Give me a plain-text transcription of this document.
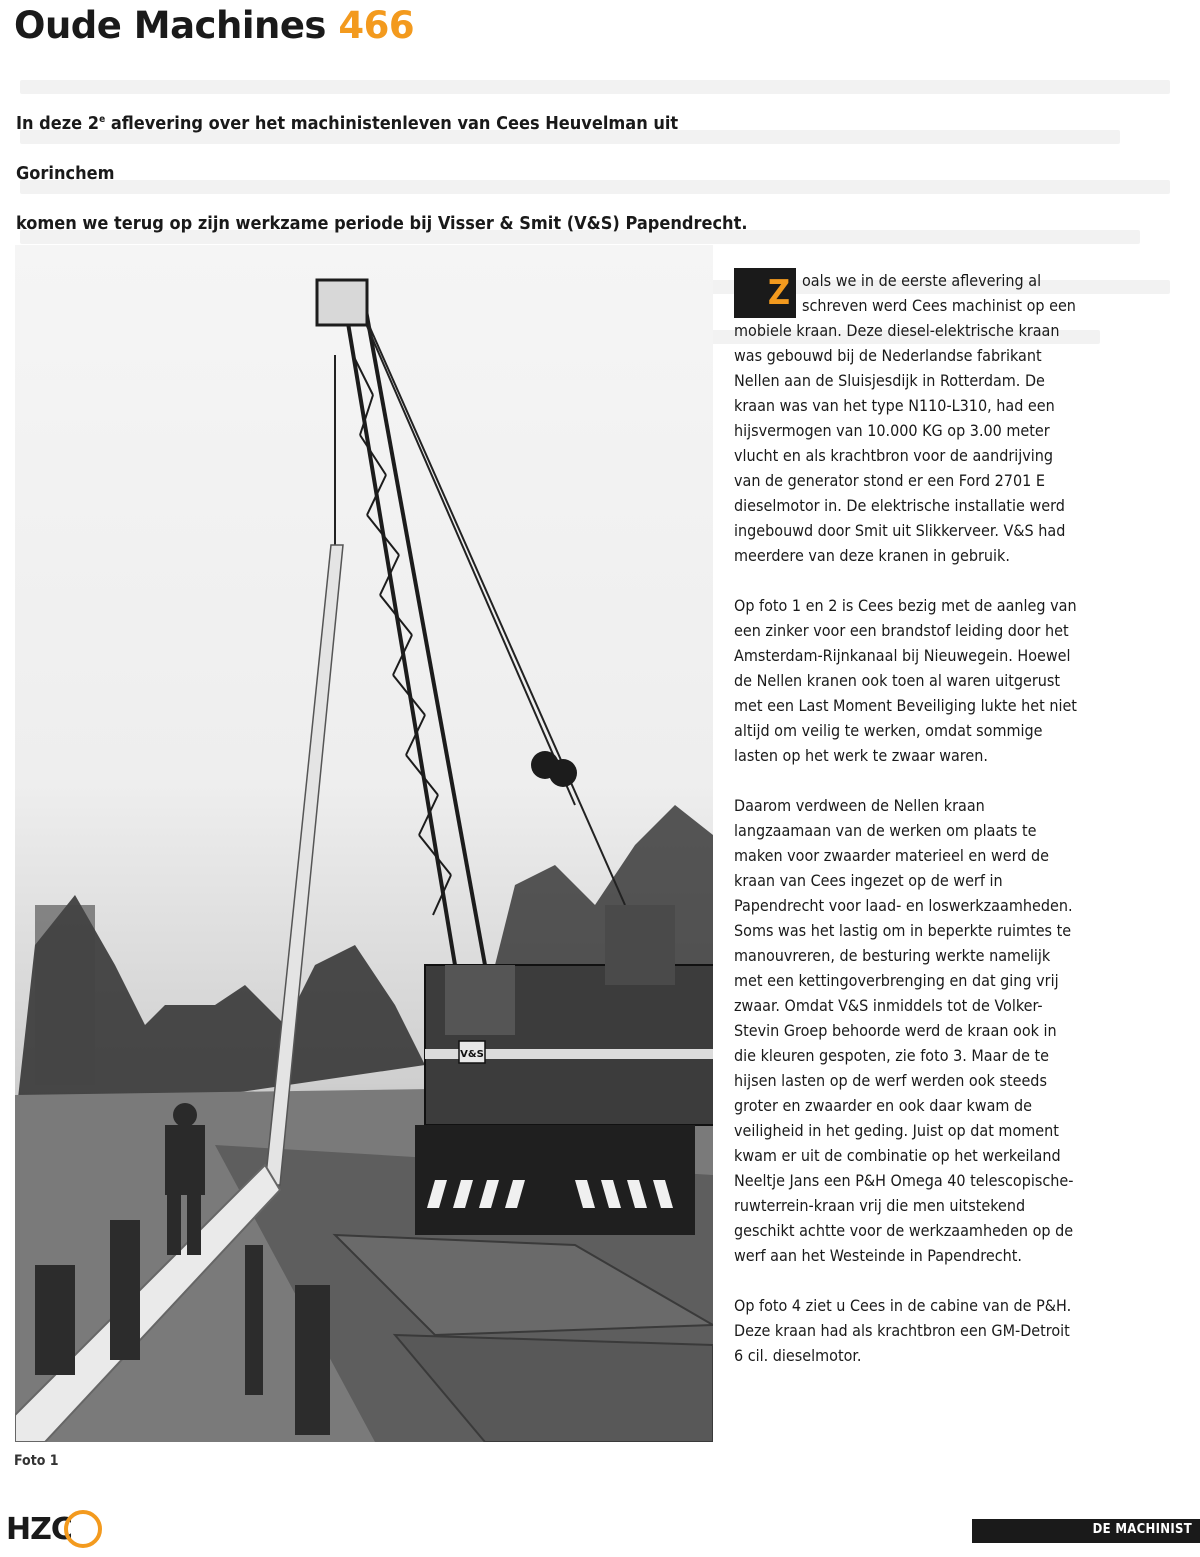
Oude Machines 466

In deze 2e aflevering over het machinistenleven van Cees Heuvelman uit Gorinchem
komen we terug op zijn werkzame periode bij Visser & Smit (V&S) Papendrecht.

V&S

Foto 1

Z oals we in de eerste aflevering al schreven werd Cees machinist op een mobiele kraan. Deze diesel-elektrische kraan was gebouwd bij de Nederlandse fabrikant Nellen aan de Sluisjesdijk in Rotterdam. De kraan was van het type N110-L310, had een hijsvermogen van 10.000 KG op 3.00 meter vlucht en als krachtbron voor de aandrijving van de generator stond er een Ford 2701 E dieselmotor in. De elektrische installatie werd ingebouwd door Smit uit Slikkerveer. V&S had meerdere van deze kranen in gebruik.

Op foto 1 en 2 is Cees bezig met de aanleg van een zinker voor een brandstof leiding door het Amsterdam-Rijnkanaal bij Nieuwegein. Hoewel de Nellen kranen ook toen al waren uitgerust met een Last Moment Beveiliging lukte het niet altijd om veilig te werken, omdat sommige lasten op het werk te zwaar waren.

Daarom verdween de Nellen kraan langzaamaan van de werken om plaats te maken voor zwaarder materieel en werd de kraan van Cees ingezet op de werf in Papendrecht voor laad- en loswerkzaamheden. Soms was het lastig om in beperkte ruimtes te manouvreren, de besturing werkte namelijk met een kettingoverbrenging en dat ging vrij zwaar. Omdat V&S inmiddels tot de Volker-Stevin Groep behoorde werd de kraan ook in die kleuren gespoten, zie foto 3. Maar de te hijsen lasten op de werf werden ook steeds groter en zwaarder en ook daar kwam de veiligheid in het geding. Juist op dat moment kwam er uit de combinatie op het werkeiland Neeltje Jans een P&H Omega 40 telescopische-ruwterrein-kraan vrij die men uitstekend geschikt achtte voor de werkzaamheden op de werf aan het Westeinde in Papendrecht.

Op foto 4 ziet u Cees in de cabine van de P&H. Deze kraan had als krachtbron een GM-Detroit 6 cil. dieselmotor.

HZC	DE MACHINIST
